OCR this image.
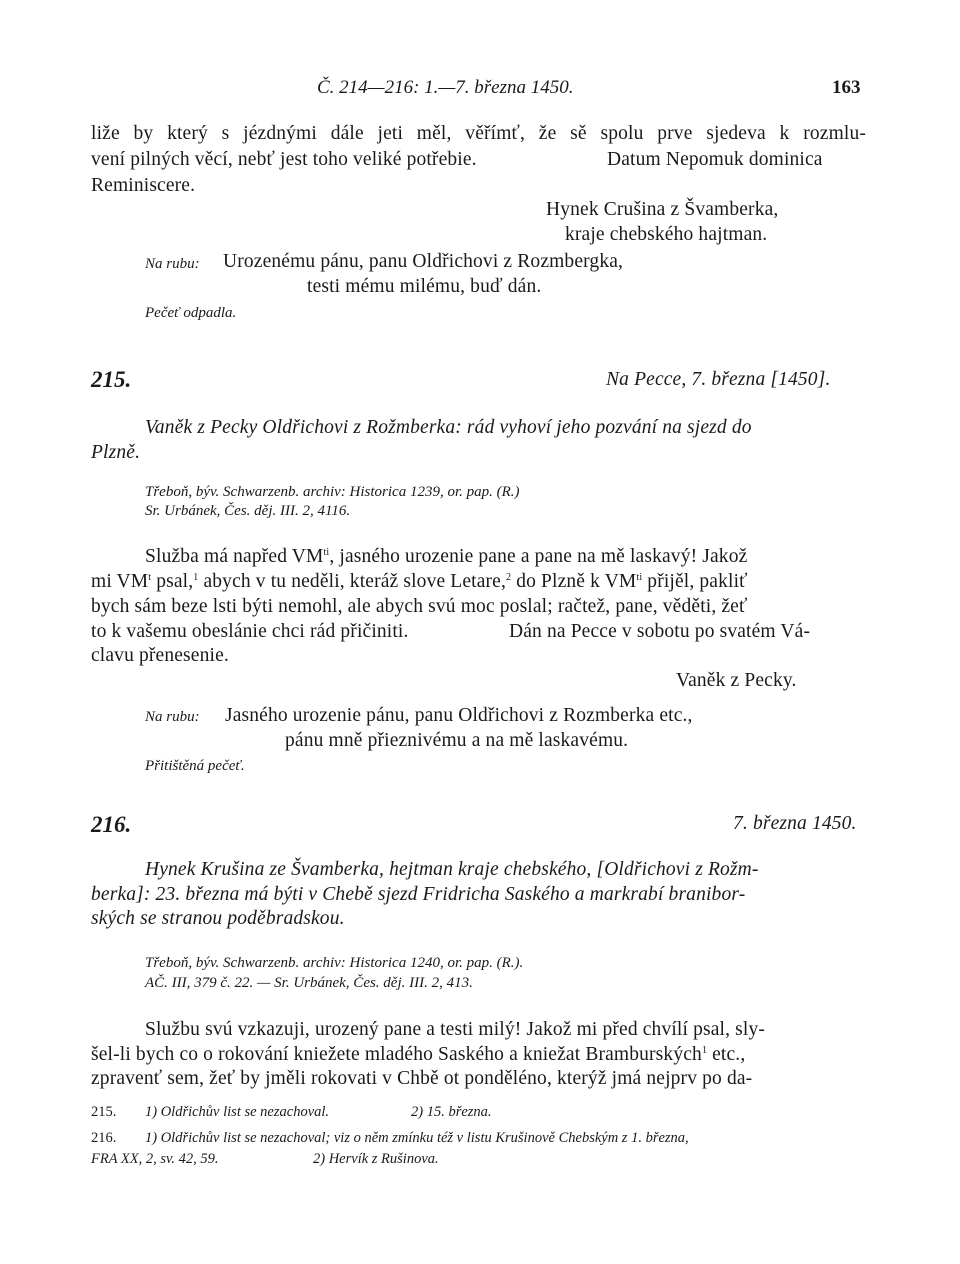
Č. 214—216: 1.—7. března 1450.	163
liže by který s jézdnými dále jeti měl, věřímť, že sě spolu prve sjedeva k rozmlu-
vení pilných věcí, nebť jest toho veliké potřebie.	Datum Nepomuk dominica
Reminiscere.
Hynek Crušina z Švamberka,
kraje chebského hajtman.
Na rubu: Urozenému pánu, panu Oldřichovi z Rozmbergka,
testi mému milému, buď dán.
Pečeť odpadla.
215.	Na Pecce, 7. března [1450].
Vaněk z Pecky Oldřichovi z Rožmberka: rád vyhoví jeho pozvání na sjezd do
Plzně.
Třeboň, býv. Schwarzenb. archiv: Historica 1239, or. pap. (R.)
Sr. Urbánek, Čes. děj. III. 2, 4116.
Služba má napřed $VM^{ti}$, jasného urozenie pane a pane na mě laskavý! Jakož
mi $VM^t$ psal,$^1$ abych v tu neděli, kteráž slove Letare,$^2$ do Plzně k $VM^{ti}$ přijěl, pakliť
bych sám beze lsti býti nemohl, ale abych svú moc poslal; račtež, pane, věděti, žeť
to k vašemu obeslánie chci rád přičiniti.	Dán na Pecce v sobotu po svatém Vá-
clavu přenesenie.
Vaněk z Pecky.
Na rubu: Jasného urozenie pánu, panu Oldřichovi z Rozmberka etc.,
pánu mně přieznivému a na mě laskavému.
Přitištěná pečeť.
216.	7. března 1450.
Hynek Krušina ze Švamberka, hejtman kraje chebského, [Oldřichovi z Rožm-
berka]: 23. března má býti v Chebě sjezd Fridricha Saského a markrabí branibor-
ských se stranou poděbradskou.
Třeboň, býv. Schwarzenb. archiv: Historica 1240, or. pap. (R.).
AČ. III, 379 č. 22. — Sr. Urbánek, Čes. děj. III. 2, 413.
Službu svú vzkazuji, urozený pane a testi milý! Jakož mi před chvílí psal, sly-
šel-li bych co o rokování kniežete mladého Saského a kniežat Bramburských$^1$ etc.,
zpravenť sem, žeť by jměli rokovati v Chbě ot ponděléno, kterýž jmá nejprv po da-
215. 1) Oldřichův list se nezachoval.	2) 15. března.
216. 1) Oldřichův list se nezachoval; viz o něm zmínku též v listu Krušinově Chebským z 1. března,
FRA XX, 2, sv. 42, 59.	2) Hervík z Rušinova.
